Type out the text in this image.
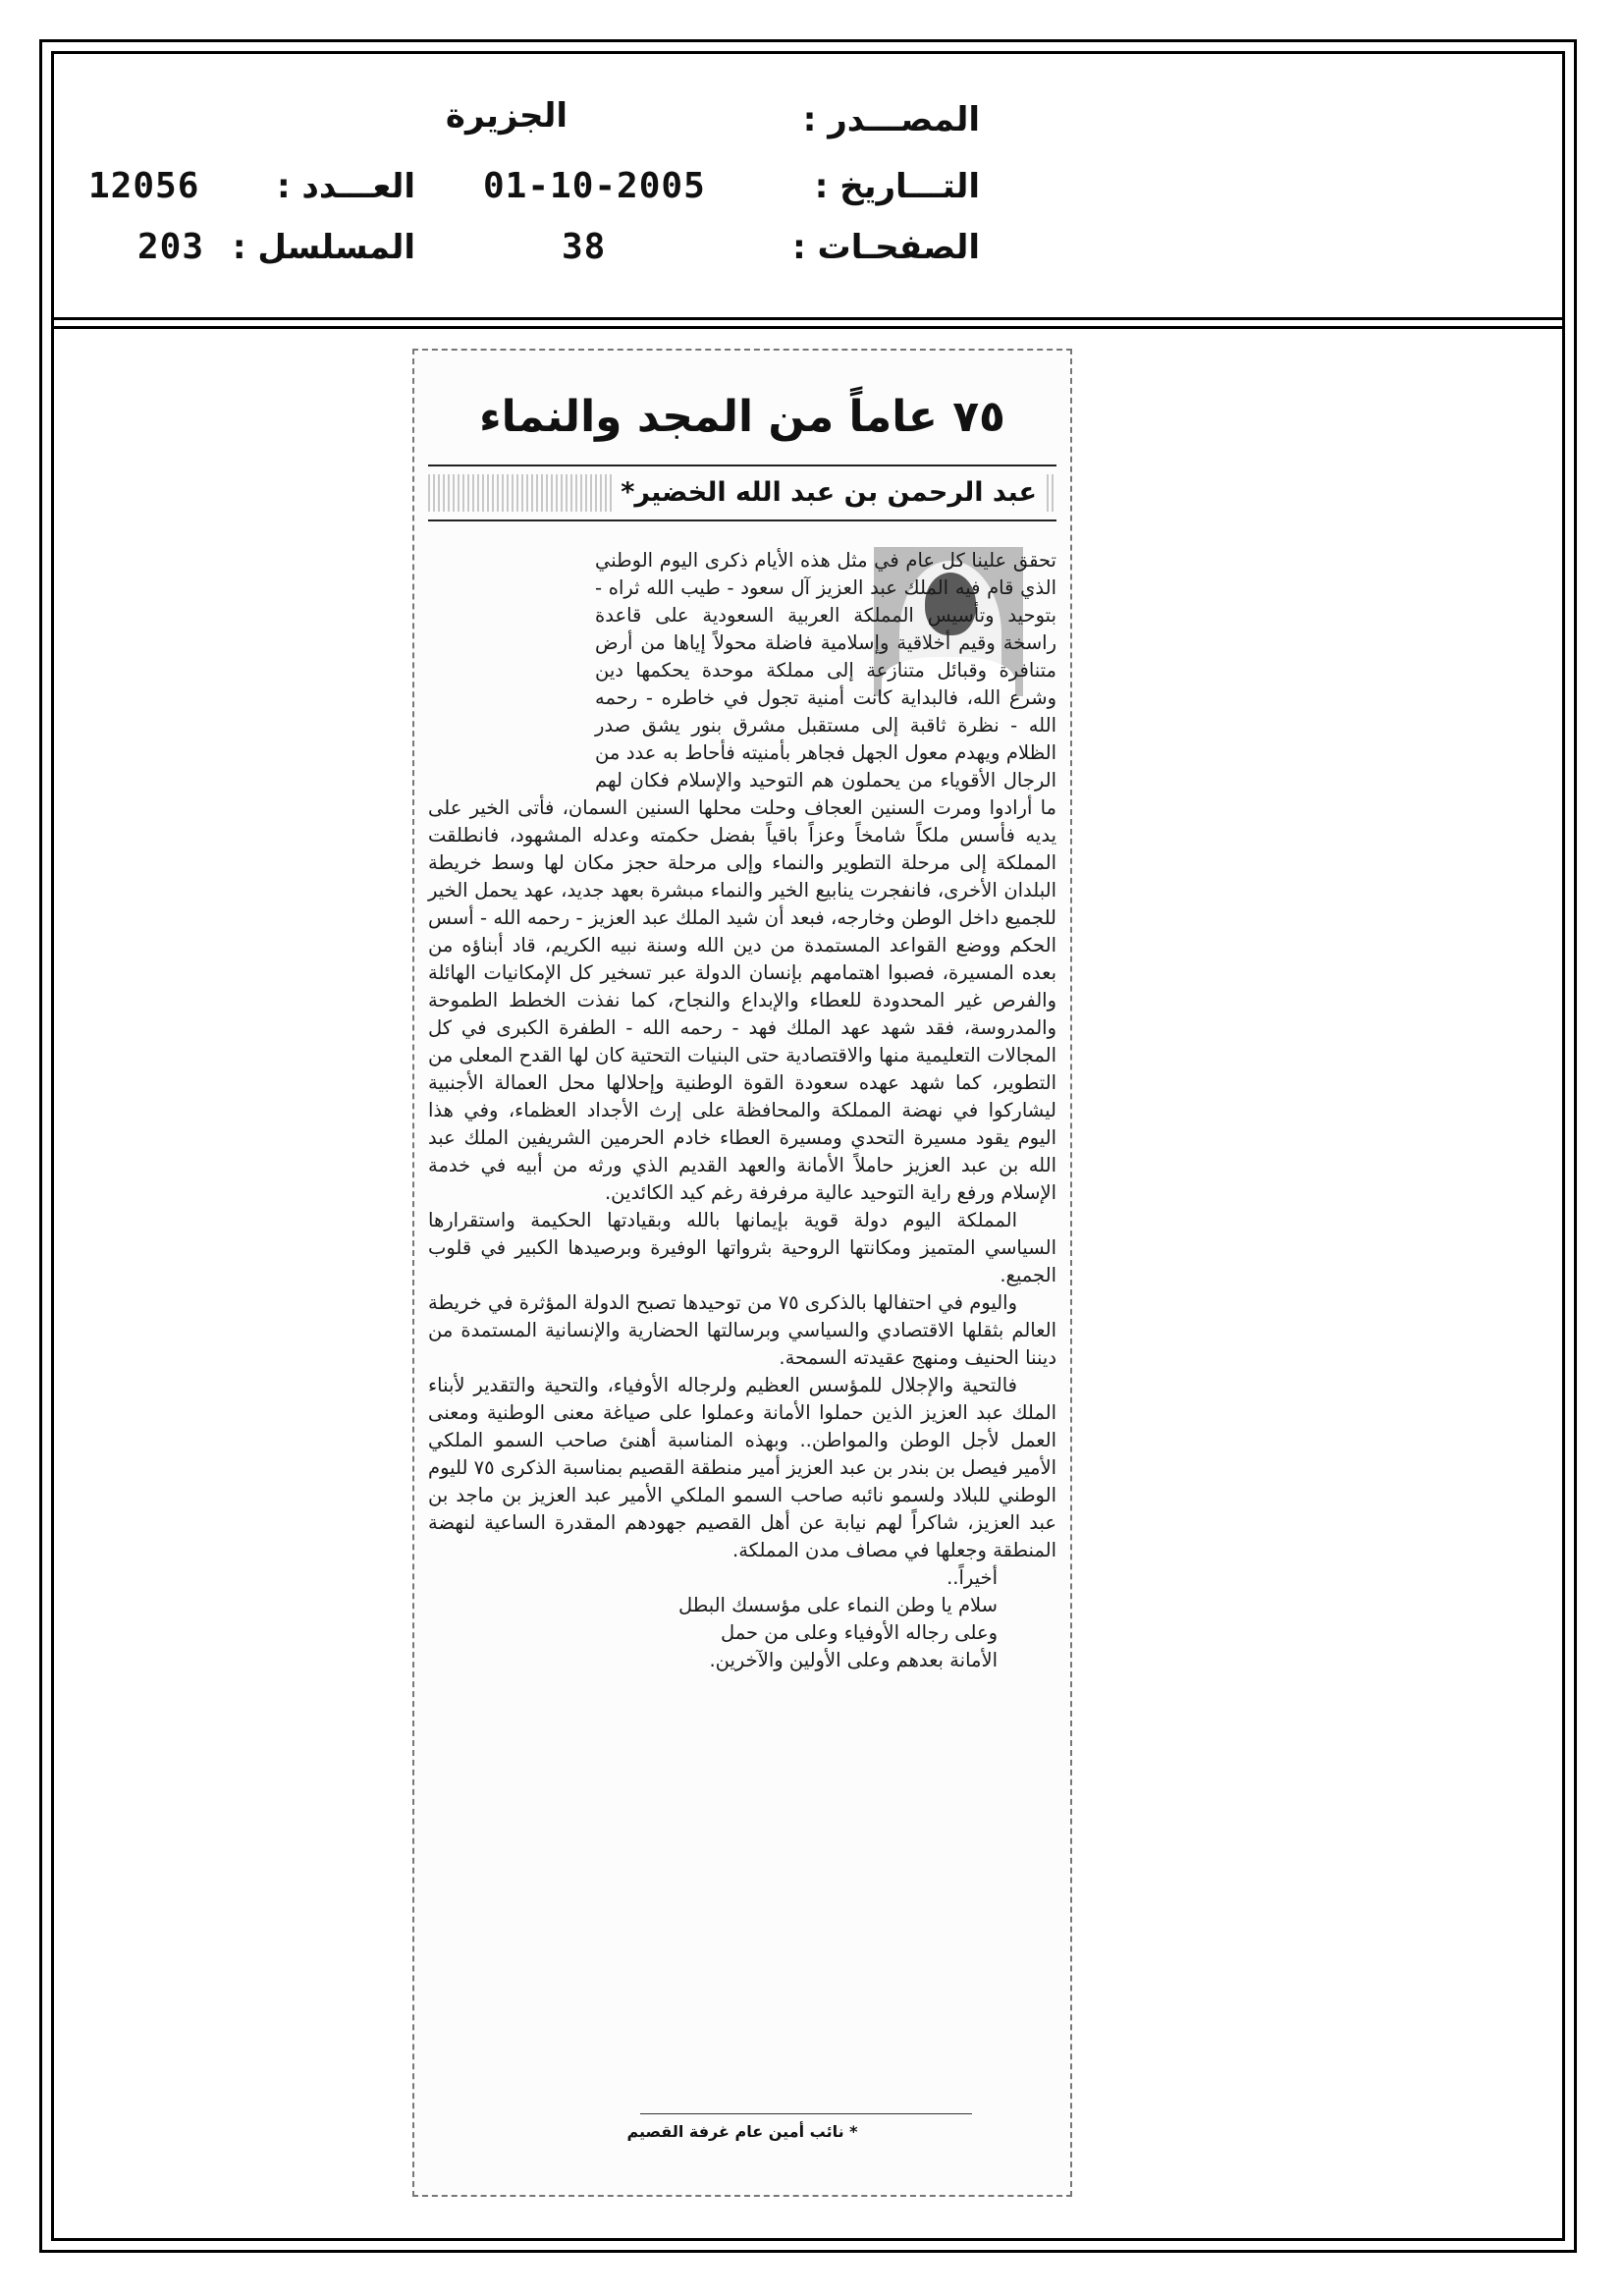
المصـــدر :
الجزيرة
التـــاريخ :
01-10-2005
العـــدد :
12056
الصفحـات :
38
المسلسل :
203
٧٥ عاماً من المجد والنماء
عبد الرحمن بن عبد الله الخضير*

تحقق علينا كل عام في مثل هذه الأيام ذكرى اليوم الوطني الذي قام فيه الملك عبد العزيز آل سعود - طيب الله ثراه - بتوحيد وتأسيس المملكة العربية السعودية على قاعدة راسخة وقيم أخلاقية وإسلامية فاضلة محولاً إياها من أرض متنافرة وقبائل متنازعة إلى مملكة موحدة يحكمها دين وشرع الله، فالبداية كانت أمنية تجول في خاطره - رحمه الله - نظرة ثاقبة إلى مستقبل مشرق بنور يشق صدر الظلام ويهدم معول الجهل فجاهر بأمنيته فأحاط به عدد من الرجال الأقوياء من يحملون هم التوحيد والإسلام فكان لهم ما أرادوا ومرت السنين العجاف وحلت محلها السنين السمان، فأتى الخير على يديه فأسس ملكاً شامخاً وعزاً باقياً بفضل حكمته وعدله المشهود، فانطلقت المملكة إلى مرحلة التطوير والنماء وإلى مرحلة حجز مكان لها وسط خريطة البلدان الأخرى، فانفجرت ينابيع الخير والنماء مبشرة بعهد جديد، عهد يحمل الخير للجميع داخل الوطن وخارجه، فبعد أن شيد الملك عبد العزيز - رحمه الله - أسس الحكم ووضع القواعد المستمدة من دين الله وسنة نبيه الكريم، قاد أبناؤه من بعده المسيرة، فصبوا اهتمامهم بإنسان الدولة عبر تسخير كل الإمكانيات الهائلة والفرص غير المحدودة للعطاء والإبداع والنجاح، كما نفذت الخطط الطموحة والمدروسة، فقد شهد عهد الملك فهد - رحمه الله - الطفرة الكبرى في كل المجالات التعليمية منها والاقتصادية حتى البنيات التحتية كان لها القدح المعلى من التطوير، كما شهد عهده سعودة القوة الوطنية وإحلالها محل العمالة الأجنبية ليشاركوا في نهضة المملكة والمحافظة على إرث الأجداد العظماء، وفي هذا اليوم يقود مسيرة التحدي ومسيرة العطاء خادم الحرمين الشريفين الملك عبد الله بن عبد العزيز حاملاً الأمانة والعهد القديم الذي ورثه من أبيه في خدمة الإسلام ورفع راية التوحيد عالية مرفرفة رغم كيد الكائدين.

المملكة اليوم دولة قوية بإيمانها بالله وبقيادتها الحكيمة واستقرارها السياسي المتميز ومكانتها الروحية بثرواتها الوفيرة وبرصيدها الكبير في قلوب الجميع.

واليوم في احتفالها بالذكرى ٧٥ من توحيدها تصبح الدولة المؤثرة في خريطة العالم بثقلها الاقتصادي والسياسي وبرسالتها الحضارية والإنسانية المستمدة من ديننا الحنيف ومنهج عقيدته السمحة.

فالتحية والإجلال للمؤسس العظيم ولرجاله الأوفياء، والتحية والتقدير لأبناء الملك عبد العزيز الذين حملوا الأمانة وعملوا على صياغة معنى الوطنية ومعنى العمل لأجل الوطن والمواطن.. وبهذه المناسبة أهنئ صاحب السمو الملكي الأمير فيصل بن بندر بن عبد العزيز أمير منطقة القصيم بمناسبة الذكرى ٧٥ لليوم الوطني للبلاد ولسمو نائبه صاحب السمو الملكي الأمير عبد العزيز بن ماجد بن عبد العزيز، شاكراً لهم نيابة عن أهل القصيم جهودهم المقدرة الساعية لنهضة المنطقة وجعلها في مصاف مدن المملكة.

أخيراً..

سلام يا وطن النماء على مؤسسك البطل

وعلى رجاله الأوفياء وعلى من حمل

الأمانة بعدهم وعلى الأولين والآخرين.

* نائب أمين عام غرفة القصيم
